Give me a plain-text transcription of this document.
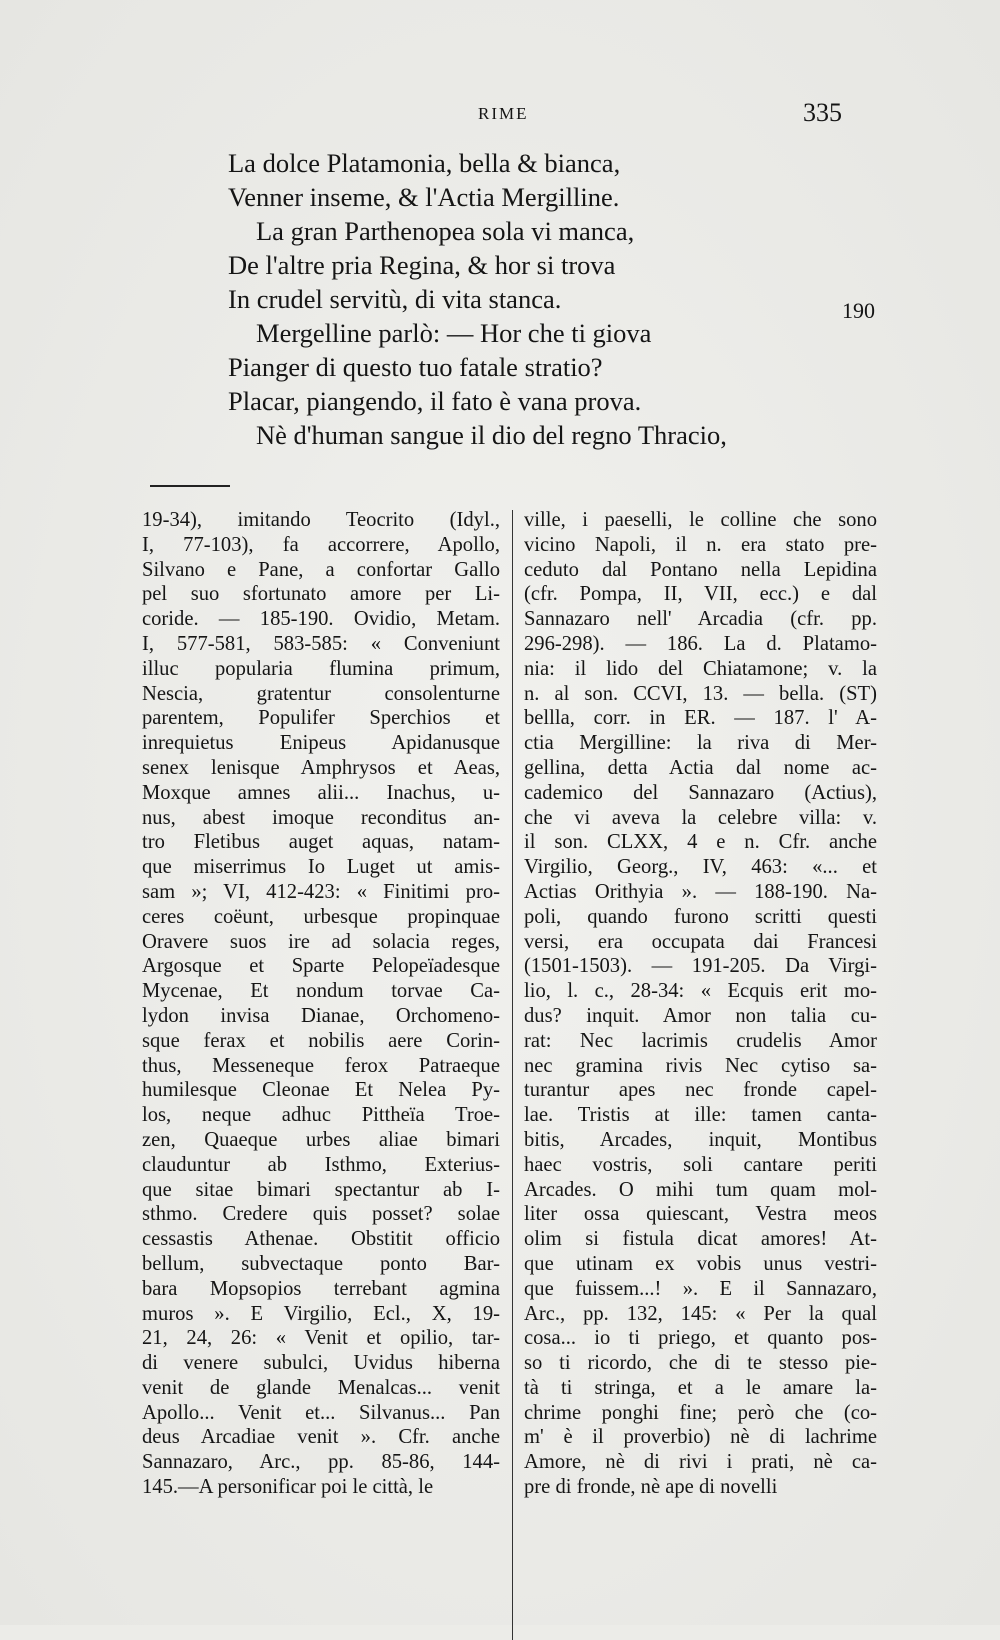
RIME	335
La dolce Platamonia, bella & bianca,
Venner inseme, & l'Actia Mergilline.
La gran Parthenopea sola vi manca,
De l'altre pria Regina, & hor si trova
In crudel servitù, di vita stanca.
Mergelline parlò: — Hor che ti giova
Pianger di questo tuo fatale stratio?
Placar, piangendo, il fato è vana prova.
Nè d'human sangue il dio del regno Thracio,
190
19-34), imitando Teocrito (Idyl.,
I, 77-103), fa accorrere, Apollo,
Silvano e Pane, a confortar Gallo
pel suo sfortunato amore per Li-
coride. — 185-190. Ovidio, Metam.
I, 577-581, 583-585: « Conveniunt
illuc popularia flumina primum,
Nescia, gratentur consolenturne
parentem, Populifer Sperchios et
inrequietus Enipeus Apidanusque
senex lenisque Amphrysos et Aeas,
Moxque amnes alii... Inachus, u-
nus, abest imoque reconditus an-
tro Fletibus auget aquas, natam-
que miserrimus Io Luget ut amis-
sam »; VI, 412-423: « Finitimi pro-
ceres coëunt, urbesque propinquae
Oravere suos ire ad solacia reges,
Argosque et Sparte Pelopeïadesque
Mycenae, Et nondum torvae Ca-
lydon invisa Dianae, Orchomeno-
sque ferax et nobilis aere Corin-
thus, Messeneque ferox Patraeque
humilesque Cleonae Et Nelea Py-
los, neque adhuc Pittheïa Troe-
zen, Quaeque urbes aliae bimari
clauduntur ab Isthmo, Exterius-
que sitae bimari spectantur ab I-
sthmo. Credere quis posset? solae
cessastis Athenae. Obstitit officio
bellum, subvectaque ponto Bar-
bara Mopsopios terrebant agmina
muros ». E Virgilio, Ecl., X, 19-
21, 24, 26: « Venit et opilio, tar-
di venere subulci, Uvidus hiberna
venit de glande Menalcas... venit
Apollo... Venit et... Silvanus... Pan
deus Arcadiae venit ». Cfr. anche
Sannazaro, Arc., pp. 85-86, 144-
145.—A personificar poi le città, le
ville, i paeselli, le colline che sono
vicino Napoli, il n. era stato pre-
ceduto dal Pontano nella Lepidina
(cfr. Pompa, II, VII, ecc.) e dal
Sannazaro nell' Arcadia (cfr. pp.
296-298). — 186. La d. Platamo-
nia: il lido del Chiatamone; v. la
n. al son. CCVI, 13. — bella. (ST)
bellla, corr. in ER. — 187. l' A-
ctia Mergilline: la riva di Mer-
gellina, detta Actia dal nome ac-
cademico del Sannazaro (Actius),
che vi aveva la celebre villa: v.
il son. CLXX, 4 e n. Cfr. anche
Virgilio, Georg., IV, 463: «... et
Actias Orithyia ». — 188-190. Na-
poli, quando furono scritti questi
versi, era occupata dai Francesi
(1501-1503). — 191-205. Da Virgi-
lio, l. c., 28-34: « Ecquis erit mo-
dus? inquit. Amor non talia cu-
rat: Nec lacrimis crudelis Amor
nec gramina rivis Nec cytiso sa-
turantur apes nec fronde capel-
lae. Tristis at ille: tamen canta-
bitis, Arcades, inquit, Montibus
haec vostris, soli cantare periti
Arcades. O mihi tum quam mol-
liter ossa quiescant, Vestra meos
olim si fistula dicat amores! At-
que utinam ex vobis unus vestri-
que fuissem...! ». E il Sannazaro,
Arc., pp. 132, 145: « Per la qual
cosa... io ti priego, et quanto pos-
so ti ricordo, che di te stesso pie-
tà ti stringa, et a le amare la-
chrime ponghi fine; però che (co-
m' è il proverbio) nè di lachrime
Amore, nè di rivi i prati, nè ca-
pre di fronde, nè ape di novelli
